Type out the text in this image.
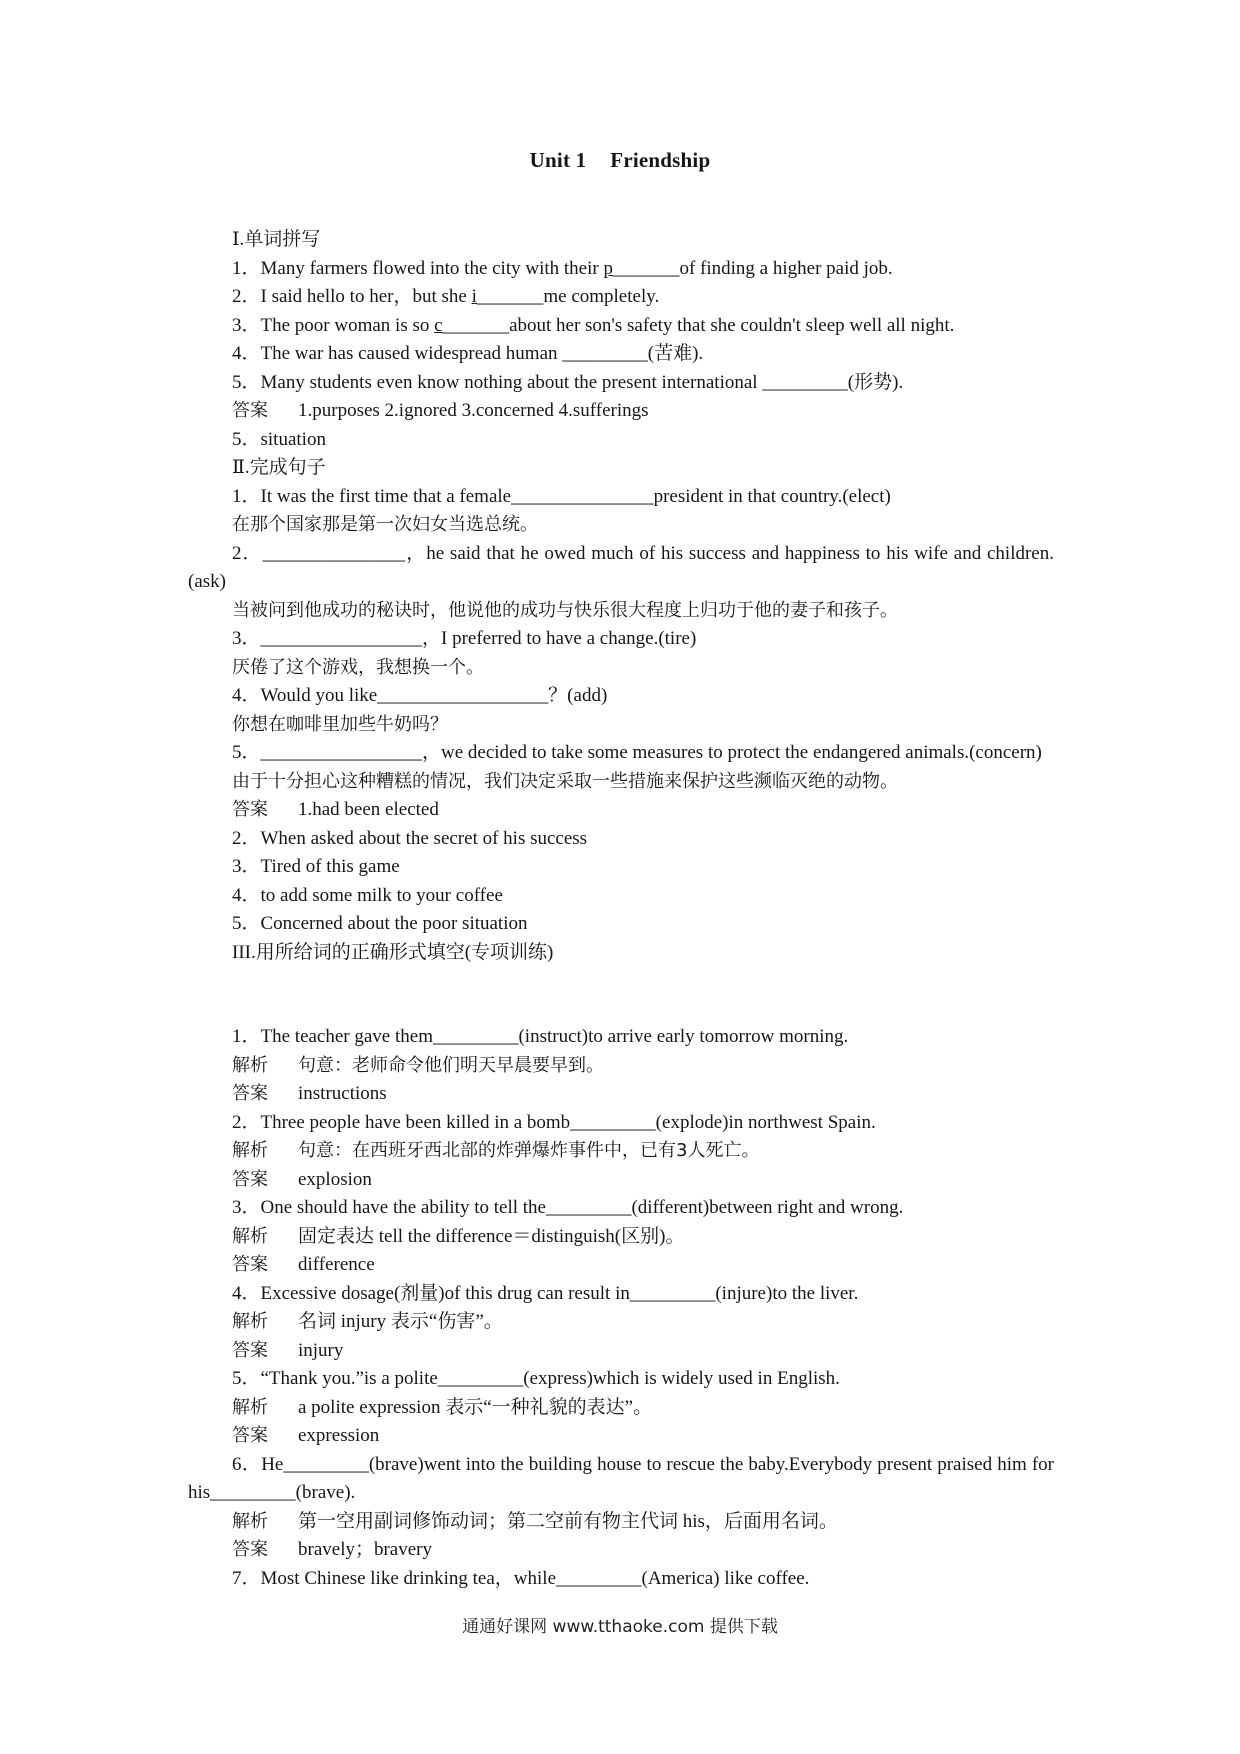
Unit 1 Friendship

Ⅰ.单词拼写

1．Many farmers flowed into the city with their p_______of finding a higher paid job.

2．I said hello to her，but she i_______me completely.

3．The poor woman is so c_______about her son's safety that she couldn't sleep well all night.

4．The war has caused widespread human _________(苦难).

5．Many students even know nothing about the present international _________(形势).

答案 1.purposes 2.ignored 3.concerned 4.sufferings

5．situation

Ⅱ.完成句子

1．It was the first time that a female_______________president in that country.(elect)

在那个国家那是第一次妇女当选总统。

2．_______________，he said that he owed much of his success and happiness to his wife and children.(ask)

当被问到他成功的秘诀时，他说他的成功与快乐很大程度上归功于他的妻子和孩子。

3．_________________，I preferred to have a change.(tire)

厌倦了这个游戏，我想换一个。

4．Would you like__________________？(add)

你想在咖啡里加些牛奶吗？

5．_________________，we decided to take some measures to protect the endangered animals.(concern)

由于十分担心这种糟糕的情况，我们决定采取一些措施来保护这些濒临灭绝的动物。

答案 1.had been elected

2．When asked about the secret of his success

3．Tired of this game

4．to add some milk to your coffee

5．Concerned about the poor situation

III.用所给词的正确形式填空(专项训练)

1．The teacher gave them_________(instruct)to arrive early tomorrow morning.

解析 句意：老师命令他们明天早晨要早到。

答案 instructions

2．Three people have been killed in a bomb_________(explode)in northwest Spain.

解析 句意：在西班牙西北部的炸弹爆炸事件中，已有3人死亡。

答案 explosion

3．One should have the ability to tell the_________(different)between right and wrong.

解析 固定表达 tell the difference＝distinguish(区别)。

答案 difference

4．Excessive dosage(剂量)of this drug can result in_________(injure)to the liver.

解析 名词 injury 表示“伤害”。

答案 injury

5．“Thank you.”is a polite_________(express)which is widely used in English.

解析 a polite expression 表示“一种礼貌的表达”。

答案 expression

6．He_________(brave)went into the building house to rescue the baby.Everybody present praised him for his_________(brave).

解析 第一空用副词修饰动词；第二空前有物主代词 his，后面用名词。

答案 bravely；bravery

7．Most Chinese like drinking tea，while_________(America) like coffee.

通通好课网 www.tthaoke.com 提供下载
